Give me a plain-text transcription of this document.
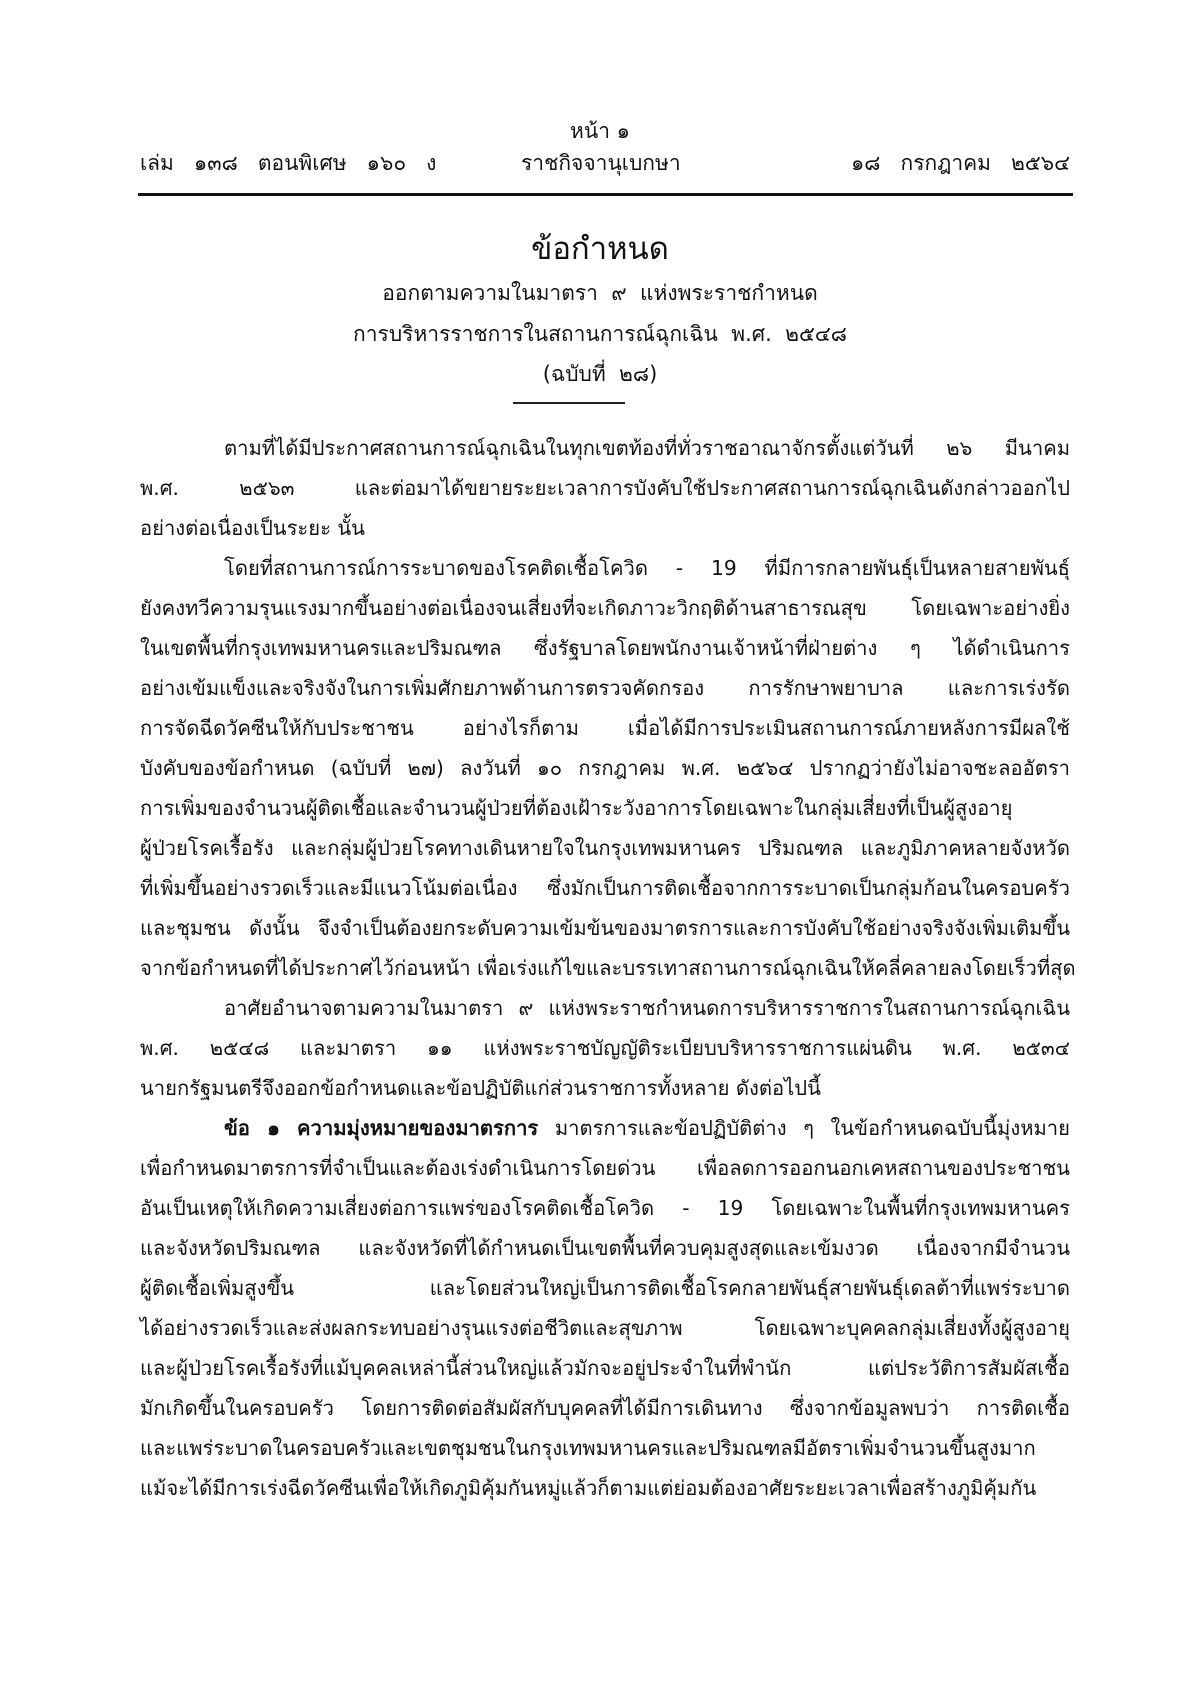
หน้า ๑
เล่ม   ๑๓๘   ตอนพิเศษ   ๑๖๐   ง	ราชกิจจานุเบกษา	๑๘   กรกฎาคม   ๒๕๖๔
ข้อกำหนด
ออกตามความในมาตรา  ๙  แห่งพระราชกำหนด
การบริหารราชการในสถานการณ์ฉุกเฉิน  พ.ศ.  ๒๕๔๘
(ฉบับที่  ๒๘)
ตามที่ได้มีประกาศสถานการณ์ฉุกเฉินในทุกเขตท้องที่ทั่วราชอาณาจักรตั้งแต่วันที่ ๒๖ มีนาคม
พ.ศ. ๒๕๖๓ และต่อมาได้ขยายระยะเวลาการบังคับใช้ประกาศสถานการณ์ฉุกเฉินดังกล่าวออกไป
อย่างต่อเนื่องเป็นระยะ นั้น
โดยที่สถานการณ์การระบาดของโรคติดเชื้อโควิด - 19 ที่มีการกลายพันธุ์เป็นหลายสายพันธุ์
ยังคงทวีความรุนแรงมากขึ้นอย่างต่อเนื่องจนเสี่ยงที่จะเกิดภาวะวิกฤติด้านสาธารณสุข โดยเฉพาะอย่างยิ่ง
ในเขตพื้นที่กรุงเทพมหานครและปริมณฑล ซึ่งรัฐบาลโดยพนักงานเจ้าหน้าที่ฝ่ายต่าง ๆ ได้ดำเนินการ
อย่างเข้มแข็งและจริงจังในการเพิ่มศักยภาพด้านการตรวจคัดกรอง การรักษาพยาบาล และการเร่งรัด
การจัดฉีดวัคซีนให้กับประชาชน อย่างไรก็ตาม เมื่อได้มีการประเมินสถานการณ์ภายหลังการมีผลใช้
บังคับของข้อกำหนด (ฉบับที่ ๒๗) ลงวันที่ ๑๐ กรกฎาคม พ.ศ. ๒๕๖๔ ปรากฏว่ายังไม่อาจชะลออัตรา
การเพิ่มของจำนวนผู้ติดเชื้อและจำนวนผู้ป่วยที่ต้องเฝ้าระวังอาการโดยเฉพาะในกลุ่มเสี่ยงที่เป็นผู้สูงอายุ
ผู้ป่วยโรคเรื้อรัง และกลุ่มผู้ป่วยโรคทางเดินหายใจในกรุงเทพมหานคร ปริมณฑล และภูมิภาคหลายจังหวัด
ที่เพิ่มขึ้นอย่างรวดเร็วและมีแนวโน้มต่อเนื่อง ซึ่งมักเป็นการติดเชื้อจากการระบาดเป็นกลุ่มก้อนในครอบครัว
และชุมชน ดังนั้น จึงจำเป็นต้องยกระดับความเข้มข้นของมาตรการและการบังคับใช้อย่างจริงจังเพิ่มเติมขึ้น
จากข้อกำหนดที่ได้ประกาศไว้ก่อนหน้า เพื่อเร่งแก้ไขและบรรเทาสถานการณ์ฉุกเฉินให้คลี่คลายลงโดยเร็วที่สุด
อาศัยอำนาจตามความในมาตรา ๙ แห่งพระราชกำหนดการบริหารราชการในสถานการณ์ฉุกเฉิน
พ.ศ. ๒๕๔๘ และมาตรา ๑๑ แห่งพระราชบัญญัติระเบียบบริหารราชการแผ่นดิน พ.ศ. ๒๕๓๔
นายกรัฐมนตรีจึงออกข้อกำหนดและข้อปฏิบัติแก่ส่วนราชการทั้งหลาย ดังต่อไปนี้
ข้อ ๑ ความมุ่งหมายของมาตรการ มาตรการและข้อปฏิบัติต่าง ๆ ในข้อกำหนดฉบับนี้มุ่งหมาย
เพื่อกำหนดมาตรการที่จำเป็นและต้องเร่งดำเนินการโดยด่วน เพื่อลดการออกนอกเคหสถานของประชาชน
อันเป็นเหตุให้เกิดความเสี่ยงต่อการแพร่ของโรคติดเชื้อโควิด - 19 โดยเฉพาะในพื้นที่กรุงเทพมหานคร
และจังหวัดปริมณฑล และจังหวัดที่ได้กำหนดเป็นเขตพื้นที่ควบคุมสูงสุดและเข้มงวด เนื่องจากมีจำนวน
ผู้ติดเชื้อเพิ่มสูงขึ้น และโดยส่วนใหญ่เป็นการติดเชื้อโรคกลายพันธุ์สายพันธุ์เดลต้าที่แพร่ระบาด
ได้อย่างรวดเร็วและส่งผลกระทบอย่างรุนแรงต่อชีวิตและสุขภาพ โดยเฉพาะบุคคลกลุ่มเสี่ยงทั้งผู้สูงอายุ
และผู้ป่วยโรคเรื้อรังที่แม้บุคคลเหล่านี้ส่วนใหญ่แล้วมักจะอยู่ประจำในที่พำนัก แต่ประวัติการสัมผัสเชื้อ
มักเกิดขึ้นในครอบครัว โดยการติดต่อสัมผัสกับบุคคลที่ได้มีการเดินทาง ซึ่งจากข้อมูลพบว่า การติดเชื้อ
และแพร่ระบาดในครอบครัวและเขตชุมชนในกรุงเทพมหานครและปริมณฑลมีอัตราเพิ่มจำนวนขึ้นสูงมาก
แม้จะได้มีการเร่งฉีดวัคซีนเพื่อให้เกิดภูมิคุ้มกันหมู่แล้วก็ตามแต่ย่อมต้องอาศัยระยะเวลาเพื่อสร้างภูมิคุ้มกัน
